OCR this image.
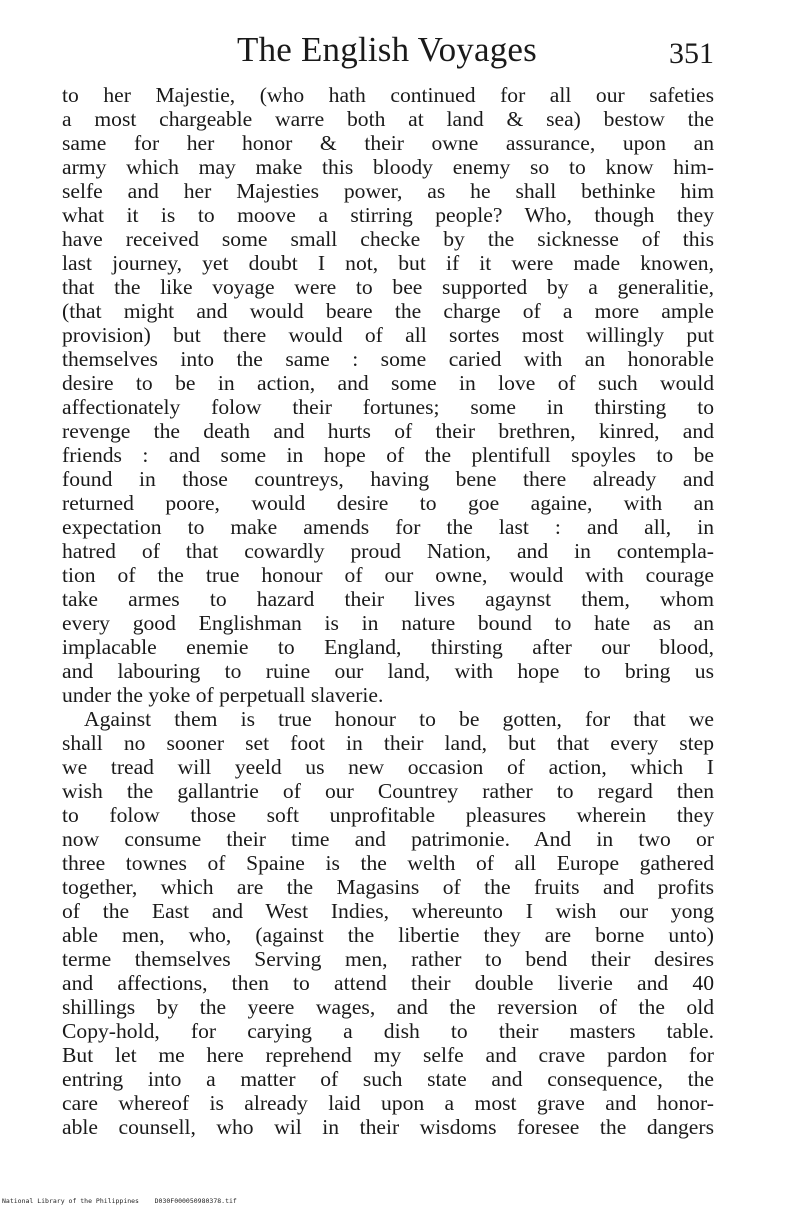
The English Voyages	351
to her Majestie, (who hath continued for all our safeties
a most chargeable warre both at land & sea) bestow the
same for her honor & their owne assurance, upon an
army which may make this bloody enemy so to know him-
selfe and her Majesties power, as he shall bethinke him
what it is to moove a stirring people? Who, though they
have received some small checke by the sicknesse of this
last journey, yet doubt I not, but if it were made knowen,
that the like voyage were to bee supported by a generalitie,
(that might and would beare the charge of a more ample
provision) but there would of all sortes most willingly put
themselves into the same : some caried with an honorable
desire to be in action, and some in love of such would
affectionately folow their fortunes; some in thirsting to
revenge the death and hurts of their brethren, kinred, and
friends : and some in hope of the plentifull spoyles to be
found in those countreys, having bene there already and
returned poore, would desire to goe againe, with an
expectation to make amends for the last : and all, in
hatred of that cowardly proud Nation, and in contempla-
tion of the true honour of our owne, would with courage
take armes to hazard their lives agaynst them, whom
every good Englishman is in nature bound to hate as an
implacable enemie to England, thirsting after our blood,
and labouring to ruine our land, with hope to bring us
under the yoke of perpetuall slaverie.
Against them is true honour to be gotten, for that we
shall no sooner set foot in their land, but that every step
we tread will yeeld us new occasion of action, which I
wish the gallantrie of our Countrey rather to regard then
to folow those soft unprofitable pleasures wherein they
now consume their time and patrimonie. And in two or
three townes of Spaine is the welth of all Europe gathered
together, which are the Magasins of the fruits and profits
of the East and West Indies, whereunto I wish our yong
able men, who, (against the libertie they are borne unto)
terme themselves Serving men, rather to bend their desires
and affections, then to attend their double liverie and 40
shillings by the yeere wages, and the reversion of the old
Copy-hold, for carying a dish to their masters table.
But let me here reprehend my selfe and crave pardon for
entring into a matter of such state and consequence, the
care whereof is already laid upon a most grave and honor-
able counsell, who wil in their wisdoms foresee the dangers
National Library of the Philippines D030F000050980378.tif
